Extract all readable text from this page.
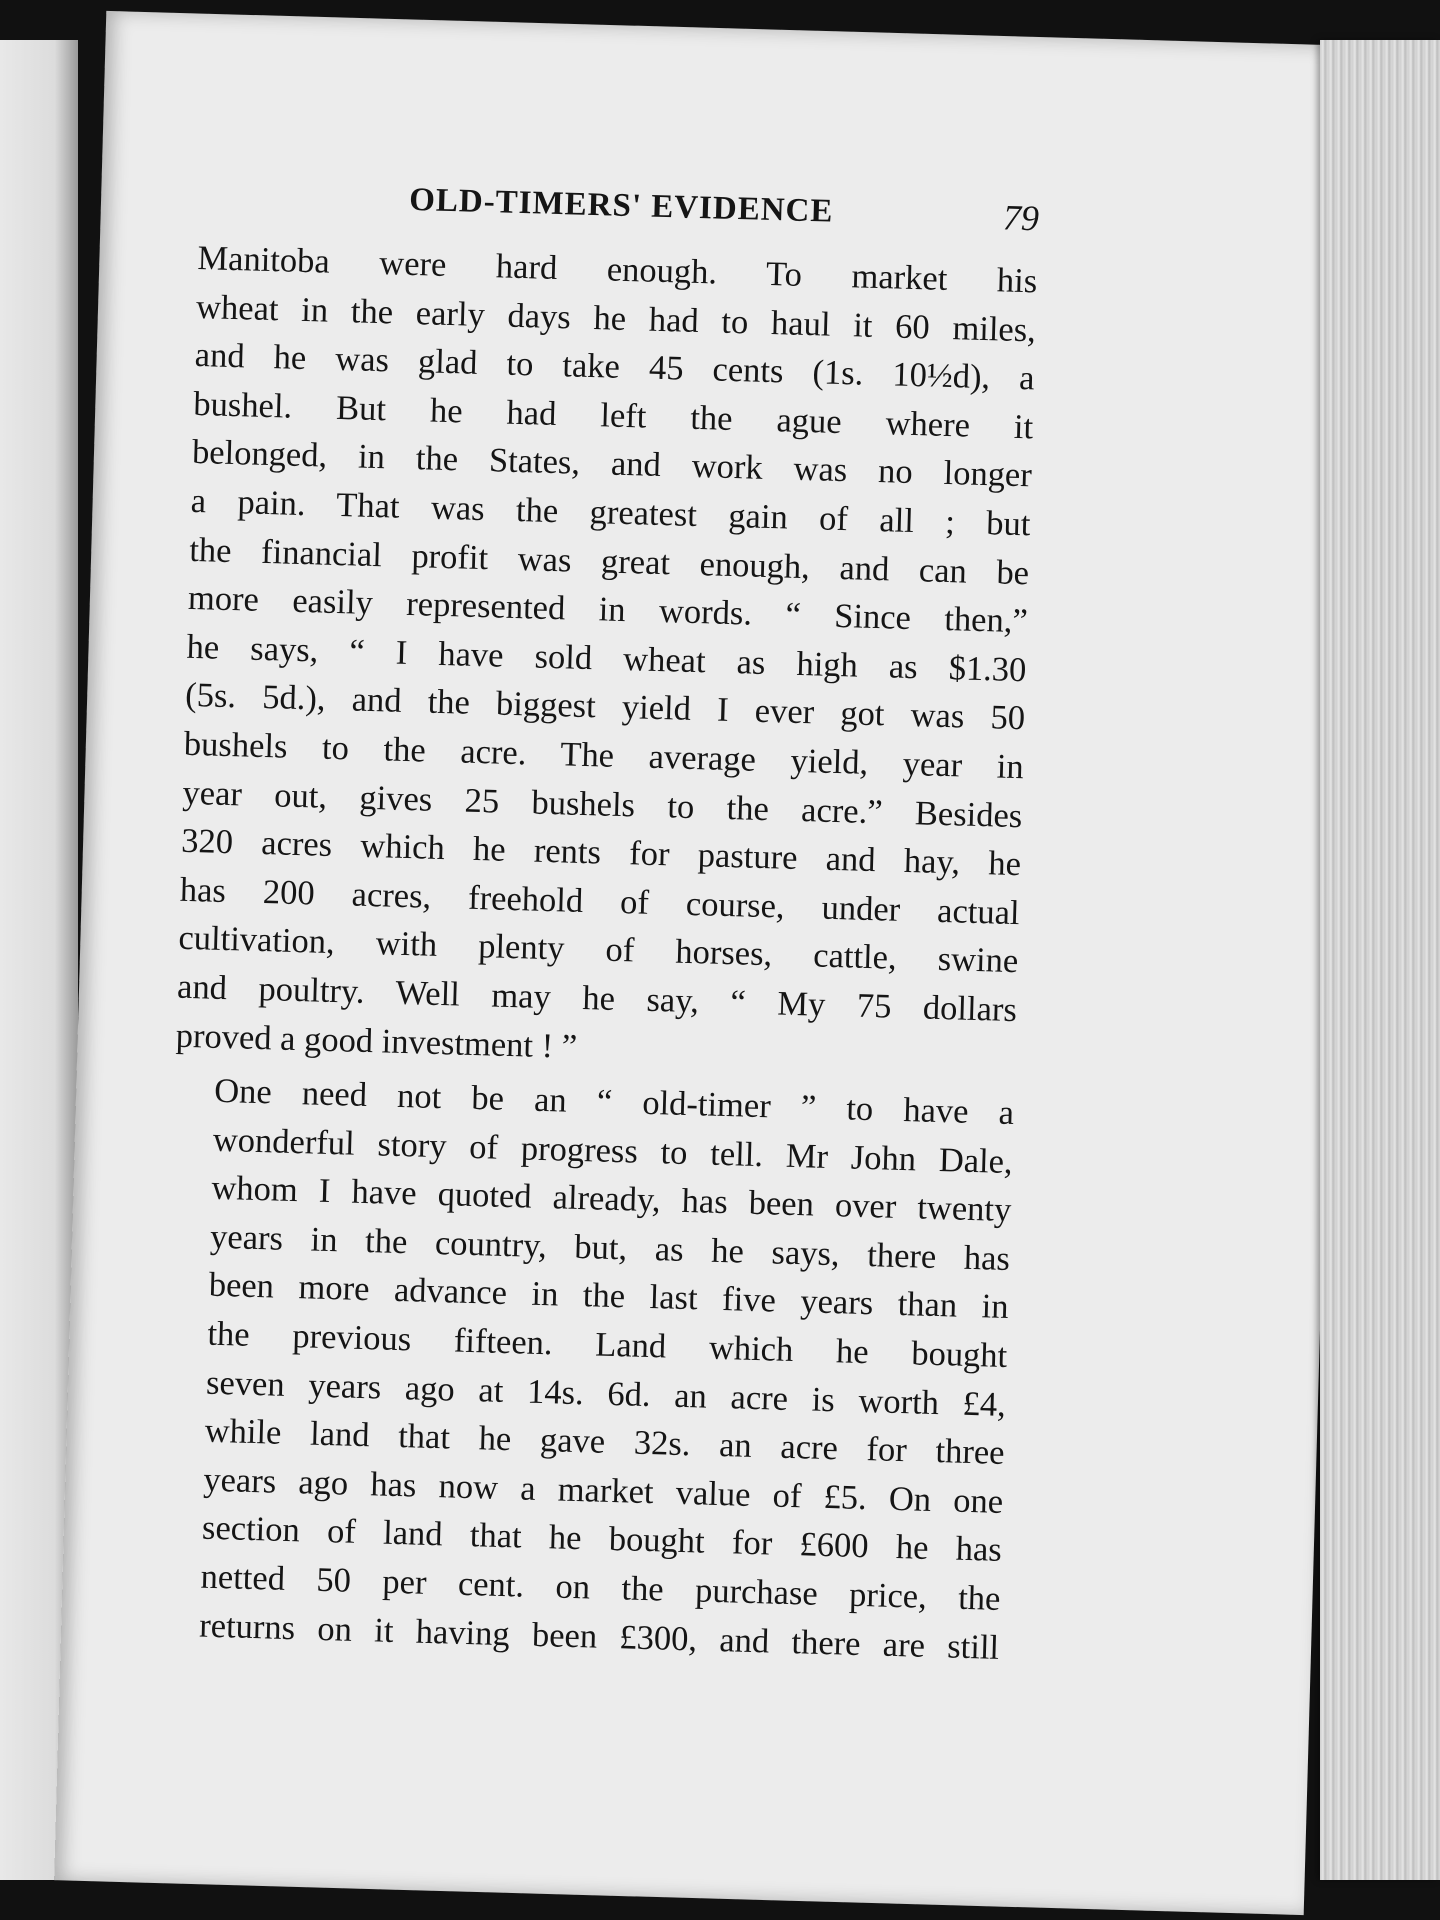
OLD-TIMERS' EVIDENCE	79

Manitoba were hard enough. To market his
wheat in the early days he had to haul it 60 miles,
and he was glad to take 45 cents (1s. 10½d), a
bushel. But he had left the ague where it
belonged, in the States, and work was no longer
a pain. That was the greatest gain of all ; but
the financial profit was great enough, and can be
more easily represented in words. “ Since then,”
he says, “ I have sold wheat as high as $1.30
(5s. 5d.), and the biggest yield I ever got was 50
bushels to the acre. The average yield, year in
year out, gives 25 bushels to the acre.” Besides
320 acres which he rents for pasture and hay, he
has 200 acres, freehold of course, under actual
cultivation, with plenty of horses, cattle, swine
and poultry. Well may he say, “ My 75 dollars
proved a good investment ! ”

One need not be an “ old-timer ” to have a
wonderful story of progress to tell. Mr John Dale,
whom I have quoted already, has been over twenty
years in the country, but, as he says, there has
been more advance in the last five years than in
the previous fifteen. Land which he bought
seven years ago at 14s. 6d. an acre is worth £4,
while land that he gave 32s. an acre for three
years ago has now a market value of £5. On one
section of land that he bought for £600 he has
netted 50 per cent. on the purchase price, the
returns on it having been £300, and there are still
